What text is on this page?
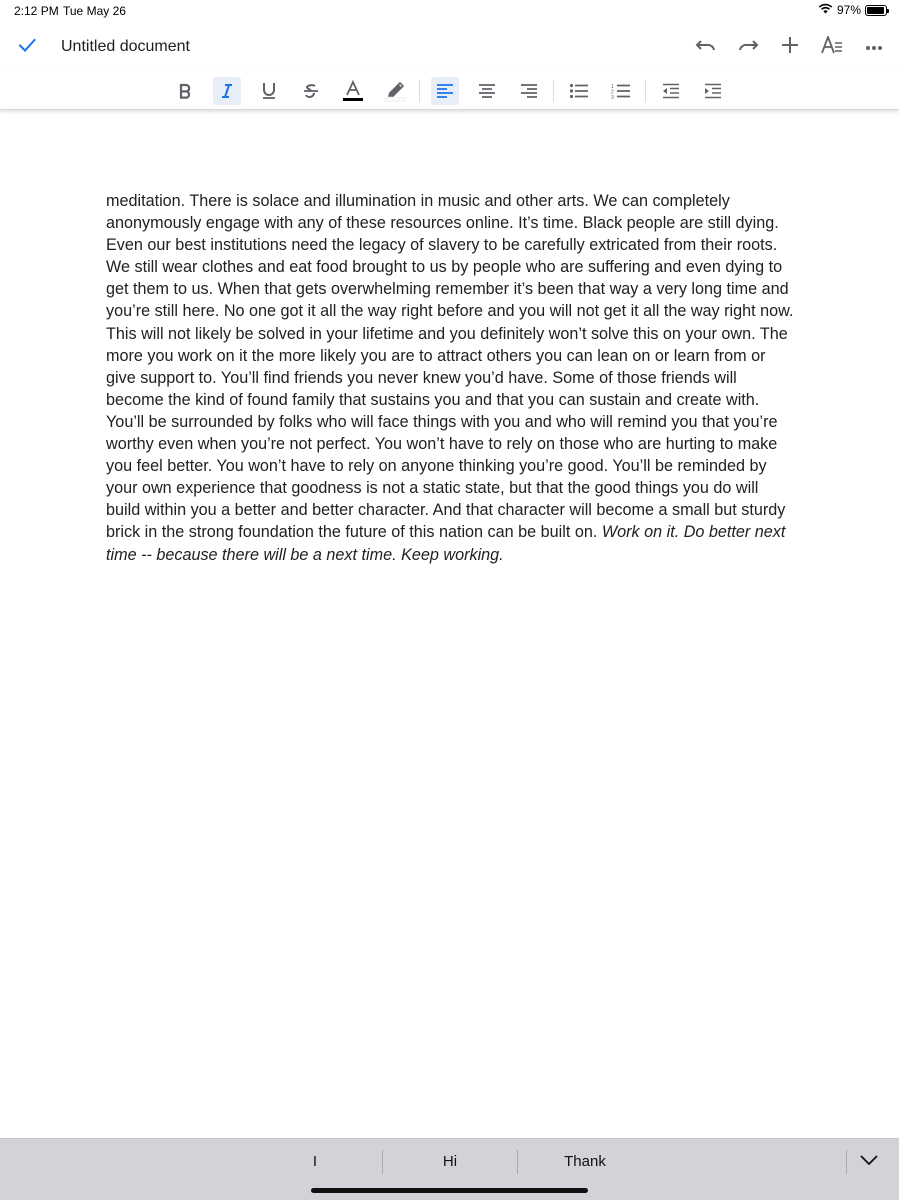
2:12 PM Tue May 26	97%
Untitled document
1
2
3
meditation. There is solace and illumination in music and other arts. We can completely anonymously engage with any of these resources online. It’s time. Black people are still dying. Even our best institutions need the legacy of slavery to be carefully extricated from their roots. We still wear clothes and eat food brought to us by people who are suffering and even dying to get them to us. When that gets overwhelming remember it’s been that way a very long time and you’re still here. No one got it all the way right before and you will not get it all the way right now. This will not likely be solved in your lifetime and you definitely won’t solve this on your own. The more you work on it the more likely you are to attract others you can lean on or learn from or give support to. You’ll find friends you never knew you’d have. Some of those friends will become the kind of found family that sustains you and that you can sustain and create with. You’ll be surrounded by folks who will face things with you and who will remind you that you’re worthy even when you’re not perfect. You won’t have to rely on those who are hurting to make you feel better. You won’t have to rely on anyone thinking you’re good. You’ll be reminded by your own experience that goodness is not a static state, but that the good things you do will build within you a better and better character. And that character will become a small but sturdy brick in the strong foundation the future of this nation can be built on. Work on it. Do better next time -- because there will be a next time. Keep working.
I	Hi	Thank
